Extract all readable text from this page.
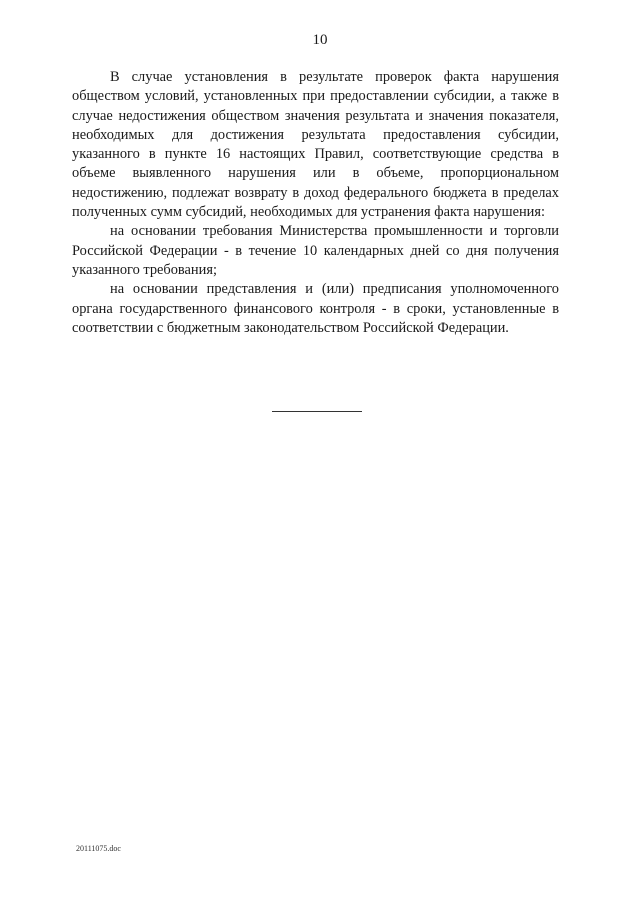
10

В случае установления в результате проверок факта нарушения обществом условий, установленных при предоставлении субсидии, а также в случае недостижения обществом значения результата и значения показателя, необходимых для достижения результата предоставления субсидии, указанного в пункте 16 настоящих Правил, соответствующие средства в объеме выявленного нарушения или в объеме, пропорциональном недостижению, подлежат возврату в доход федерального бюджета в пределах полученных сумм субсидий, необходимых для устранения факта нарушения:

на основании требования Министерства промышленности и торговли Российской Федерации - в течение 10 календарных дней со дня получения указанного требования;

на основании представления и (или) предписания уполномоченного органа государственного финансового контроля - в сроки, установленные в соответствии с бюджетным законодательством Российской Федерации.

20111075.doc
